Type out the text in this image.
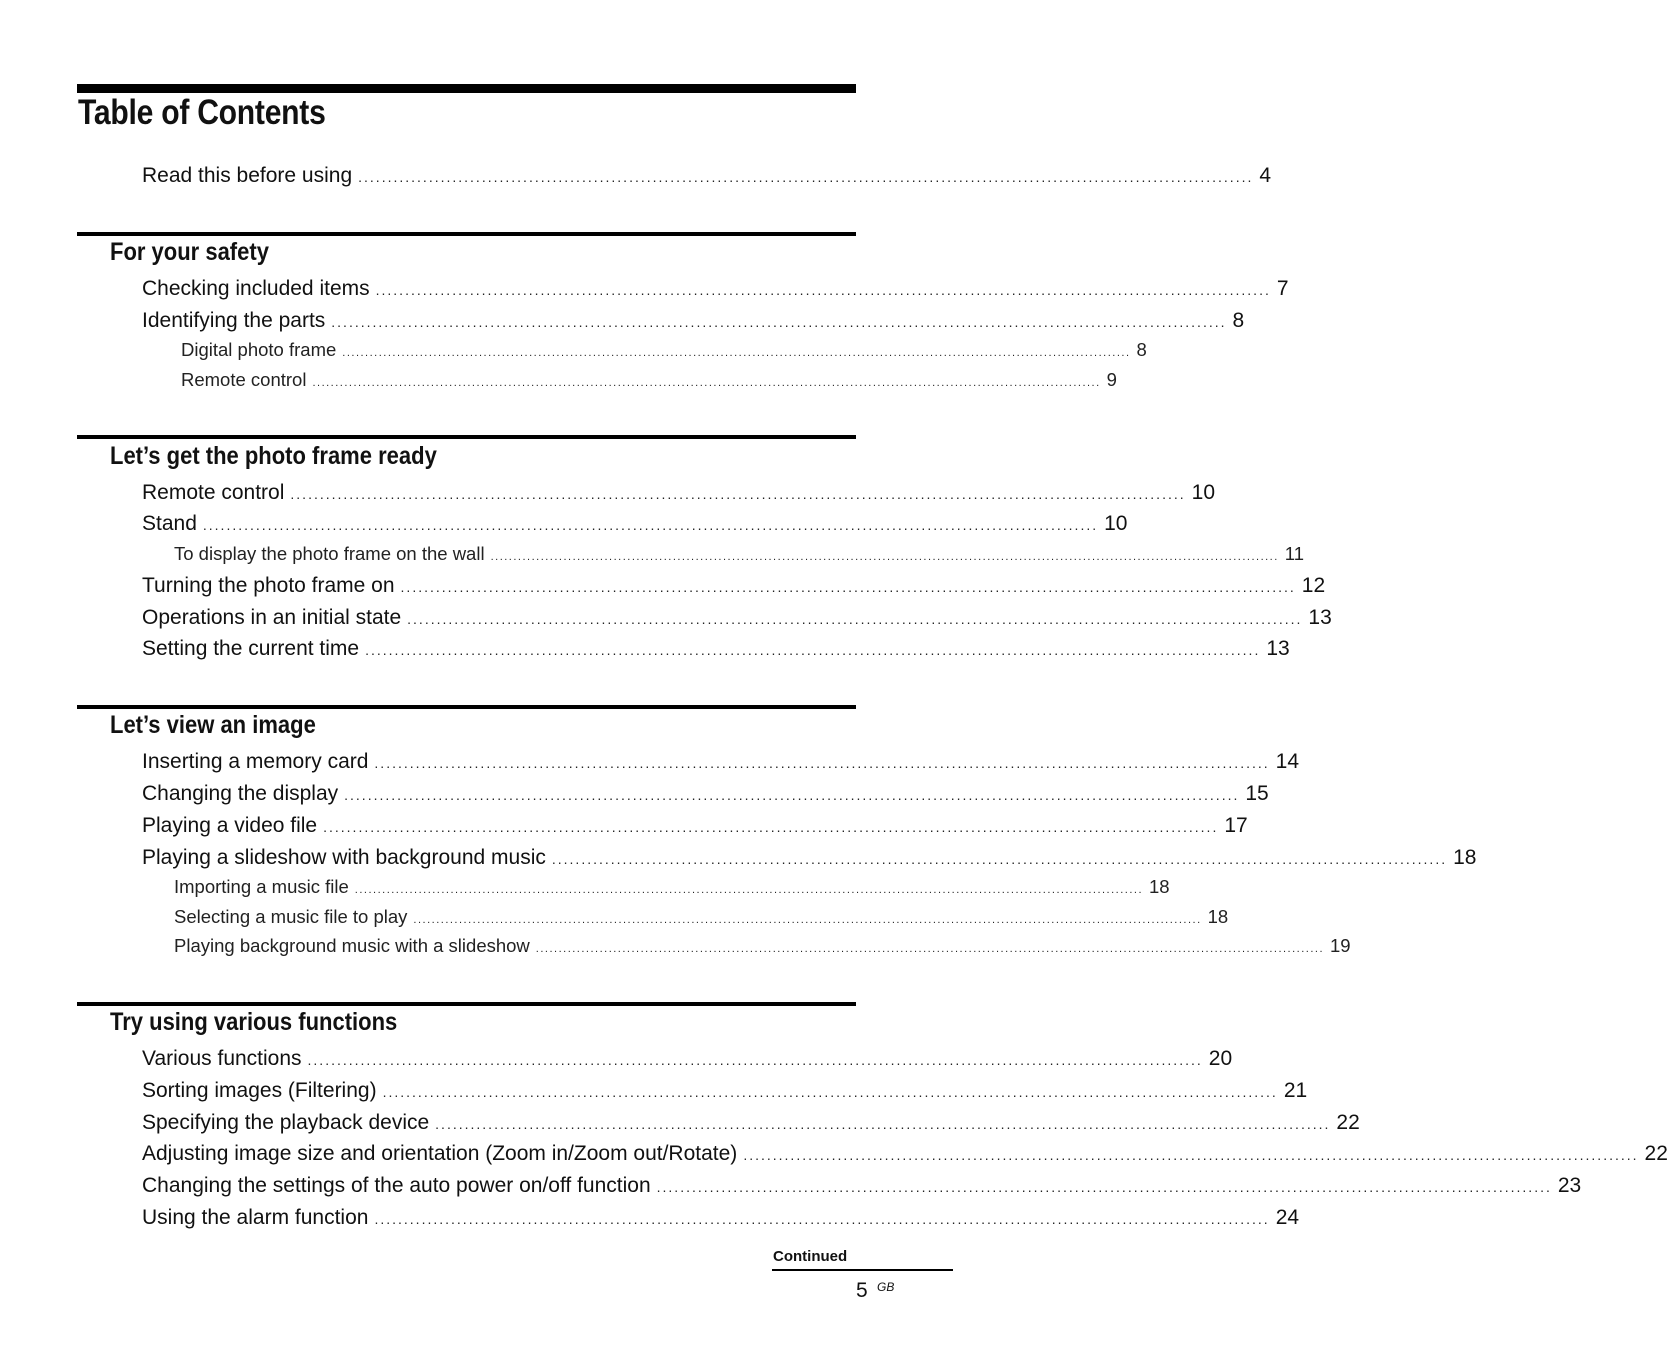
Table of Contents
Read this before using ........................................................................................................................................................ 4
For your safety
Checking included items ........................................................................................................................................................ 7
Identifying the parts ........................................................................................................................................................ 8
Digital photo frame ............................................................................................................................................................................. 8
Remote control ............................................................................................................................................................................. 9
Let’s get the photo frame ready
Remote control ........................................................................................................................................................ 10
Stand ........................................................................................................................................................ 10
To display the photo frame on the wall ............................................................................................................................................................................. 11
Turning the photo frame on ........................................................................................................................................................ 12
Operations in an initial state ........................................................................................................................................................ 13
Setting the current time ........................................................................................................................................................ 13
Let’s view an image
Inserting a memory card ........................................................................................................................................................ 14
Changing the display ........................................................................................................................................................ 15
Playing a video file ........................................................................................................................................................ 17
Playing a slideshow with background music ........................................................................................................................................................ 18
Importing a music file ............................................................................................................................................................................. 18
Selecting a music file to play ............................................................................................................................................................................. 18
Playing background music with a slideshow ............................................................................................................................................................................. 19
Try using various functions
Various functions ........................................................................................................................................................ 20
Sorting images (Filtering) ........................................................................................................................................................ 21
Specifying the playback device ........................................................................................................................................................ 22
Adjusting image size and orientation (Zoom in/Zoom out/Rotate) ........................................................................................................................................................ 22
Changing the settings of the auto power on/off function ........................................................................................................................................................ 23
Using the alarm function ........................................................................................................................................................ 24
Continued
5 GB
